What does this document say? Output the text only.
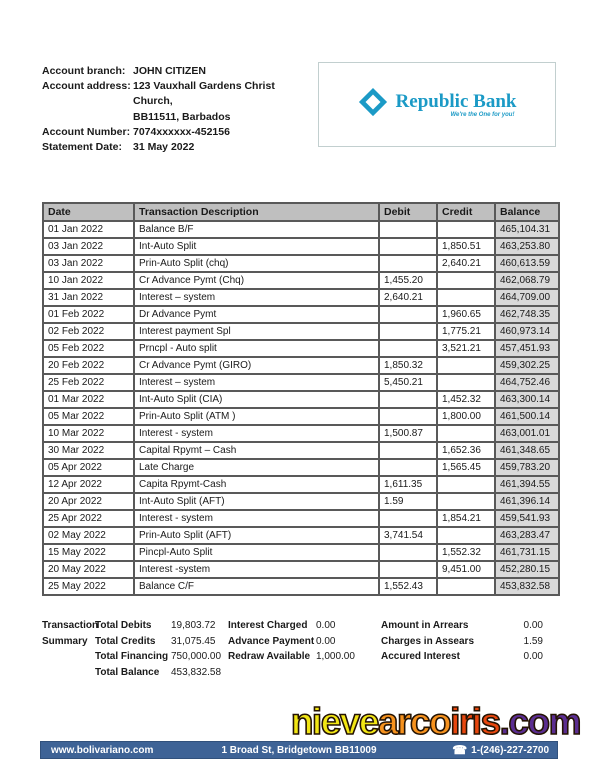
Account branch: JOHN CITIZEN
Account address: 123 Vauxhall Gardens Christ Church,
BB11511, Barbados
Account Number: 7074xxxxxx-452156
Statement Date:	31 May 2022
Republic Bank
We're the One for you!
Date	Transaction Description	Debit	Credit	Balance
01 Jan 2022	Balance B/F			465,104.31
03 Jan 2022	Int-Auto Split		1,850.51	463,253.80
03 Jan 2022	Prin-Auto Split (chq)		2,640.21	460,613.59
10 Jan 2022	Cr Advance Pymt (Chq)	1,455.20		462,068.79
31 Jan 2022	Interest – system	2,640.21		464,709.00
01 Feb 2022	Dr Advance Pymt		1,960.65	462,748.35
02 Feb 2022	Interest payment Spl		1,775.21	460,973.14
05 Feb 2022	Prncpl - Auto split		3,521.21	457,451.93
20 Feb 2022	Cr Advance Pymt (GIRO)	1,850.32		459,302.25
25 Feb 2022	Interest – system	5,450.21		464,752.46
01 Mar 2022	Int-Auto Split (CIA)		1,452.32	463,300.14
05 Mar 2022	Prin-Auto Split (ATM )		1,800.00	461,500.14
10 Mar 2022	Interest - system	1,500.87		463,001.01
30 Mar 2022	Capital Rpymt – Cash		1,652.36	461,348.65
05 Apr 2022	Late Charge		1,565.45	459,783.20
12 Apr 2022	Capita Rpymt-Cash	1,611.35		461,394.55
20 Apr 2022	Int-Auto Split (AFT)	1.59		461,396.14
25 Apr 2022	Interest - system		1,854.21	459,541.93
02 May 2022	Prin-Auto Split (AFT)	3,741.54		463,283.47
15 May 2022	Pincpl-Auto Split		1,552.32	461,731.15
20 May 2022	Interest -system		9,451.00	452,280.15
25 May 2022	Balance C/F	1,552.43		453,832.58
Transaction
Summary
Total Debits	19,803.72
Total Credits	31,075.45
Total Financing 750,000.00
Total Balance	453,832.58
Interest Charged 0.00
Advance Payment 0.00
Redraw Available 1,000.00
Amount in Arrears	0.00
Charges in Assears	1.59
Accured Interest	0.00
nievearcoiris.com
www.bolivariano.com	1 Broad St, Bridgetown BB11009	☎ 1-(246)-227-2700
